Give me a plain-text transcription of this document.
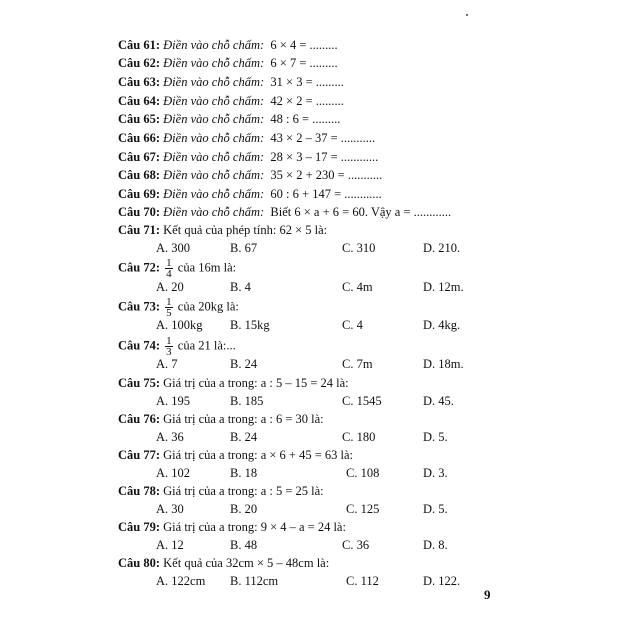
Câu 61: Điền vào chỗ chấm: 6 × 4 = .........
Câu 62: Điền vào chỗ chấm: 6 × 7 = .........
Câu 63: Điền vào chỗ chấm: 31 × 3 = .........
Câu 64: Điền vào chỗ chấm: 42 × 2 = .........
Câu 65: Điền vào chỗ chấm: 48 : 6 = .........
Câu 66: Điền vào chỗ chấm: 43 × 2 – 37 = ...........
Câu 67: Điền vào chỗ chấm: 28 × 3 – 17 = ............
Câu 68: Điền vào chỗ chấm: 35 × 2 + 230 = ...........
Câu 69: Điền vào chỗ chấm: 60 : 6 + 147 = ............
Câu 70: Điền vào chỗ chấm: Biết 6 × a + 6 = 60. Vậy a = ............
Câu 71: Kết quả của phép tính: 62 × 5 là:
A. 300	B. 67	C. 310	D. 210.
Câu 72: $\frac{1}{4}$ của 16m là:
A. 20	B. 4	C. 4m	D. 12m.
Câu 73: $\frac{1}{5}$ của 20kg là:
A. 100kg B. 15kg	C. 4	D. 4kg.
Câu 74: $\frac{1}{3}$ của 21 là:...
A. 7	B. 24	C. 7m	D. 18m.
Câu 75: Giá trị của a trong: a : 5 – 15 = 24 là:
A. 195	B. 185	C. 1545	D. 45.
Câu 76: Giá trị của a trong: a : 6 = 30 là:
A. 36	B. 24	C. 180	D. 5.
Câu 77: Giá trị của a trong: a × 6 + 45 = 63 là:
A. 102	B. 18	C. 108	D. 3.
Câu 78: Giá trị của a trong: a : 5 = 25 là:
A. 30	B. 20	C. 125	D. 5.
Câu 79: Giá trị của a trong: 9 × 4 – a = 24 là:
A. 12	B. 48	C. 36	D. 8.
Câu 80: Kết quả của 32cm × 5 – 48cm là:
A. 122cm B. 112cm	C. 112	D. 122.
9
